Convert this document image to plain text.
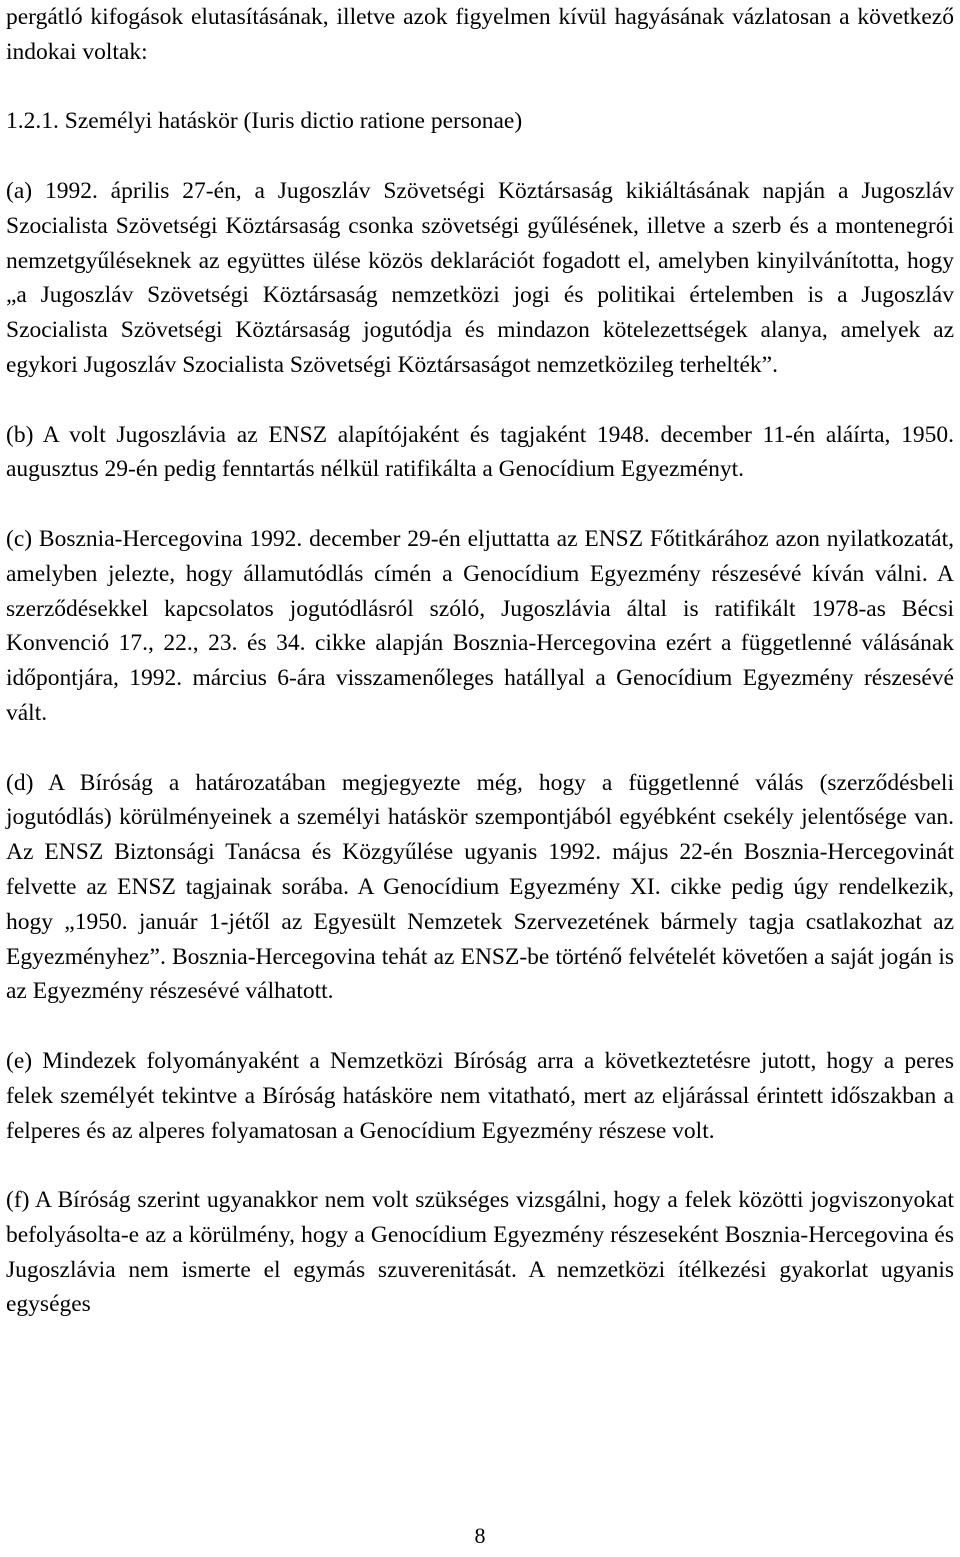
pergátló kifogások elutasításának, illetve azok figyelmen kívül hagyásának vázlatosan a következő indokai voltak:

1.2.1. Személyi hatáskör (Iuris dictio ratione personae)

(a) 1992. április 27-én, a Jugoszláv Szövetségi Köztársaság kikiáltásának napján a Jugoszláv Szocialista Szövetségi Köztársaság csonka szövetségi gyűlésének, illetve a szerb és a montenegrói nemzetgyűléseknek az együttes ülése közös deklarációt fogadott el, amelyben kinyilvánította, hogy „a Jugoszláv Szövetségi Köztársaság nemzetközi jogi és politikai értelemben is a Jugoszláv Szocialista Szövetségi Köztársaság jogutódja és mindazon kötelezettségek alanya, amelyek az egykori Jugoszláv Szocialista Szövetségi Köztársaságot nemzetközileg terhelték”.

(b) A volt Jugoszlávia az ENSZ alapítójaként és tagjaként 1948. december 11-én aláírta, 1950. augusztus 29-én pedig fenntartás nélkül ratifikálta a Genocídium Egyezményt.

(c) Bosznia-Hercegovina 1992. december 29-én eljuttatta az ENSZ Főtitkárához azon nyilatkozatát, amelyben jelezte, hogy államutódlás címén a Genocídium Egyezmény részesévé kíván válni. A szerződésekkel kapcsolatos jogutódlásról szóló, Jugoszlávia által is ratifikált 1978-as Bécsi Konvenció 17., 22., 23. és 34. cikke alapján Bosznia-Hercegovina ezért a függetlenné válásának időpontjára, 1992. március 6-ára visszamenőleges hatállyal a Genocídium Egyezmény részesévé vált.

(d) A Bíróság a határozatában megjegyezte még, hogy a függetlenné válás (szerződésbeli jogutódlás) körülményeinek a személyi hatáskör szempontjából egyébként csekély jelentősége van. Az ENSZ Biztonsági Tanácsa és Közgyűlése ugyanis 1992. május 22-én Bosznia-Hercegovinát felvette az ENSZ tagjainak sorába. A Genocídium Egyezmény XI. cikke pedig úgy rendelkezik, hogy „1950. január 1-jétől az Egyesült Nemzetek Szervezetének bármely tagja csatlakozhat az Egyezményhez”. Bosznia-Hercegovina tehát az ENSZ-be történő felvételét követően a saját jogán is az Egyezmény részesévé válhatott.

(e) Mindezek folyományaként a Nemzetközi Bíróság arra a következtetésre jutott, hogy a peres felek személyét tekintve a Bíróság hatásköre nem vitatható, mert az eljárással érintett időszakban a felperes és az alperes folyamatosan a Genocídium Egyezmény részese volt.

(f) A Bíróság szerint ugyanakkor nem volt szükséges vizsgálni, hogy a felek közötti jogviszonyokat befolyásolta-e az a körülmény, hogy a Genocídium Egyezmény részeseként Bosznia-Hercegovina és Jugoszlávia nem ismerte el egymás szuverenitását. A nemzetközi ítélkezési gyakorlat ugyanis egységes

8
